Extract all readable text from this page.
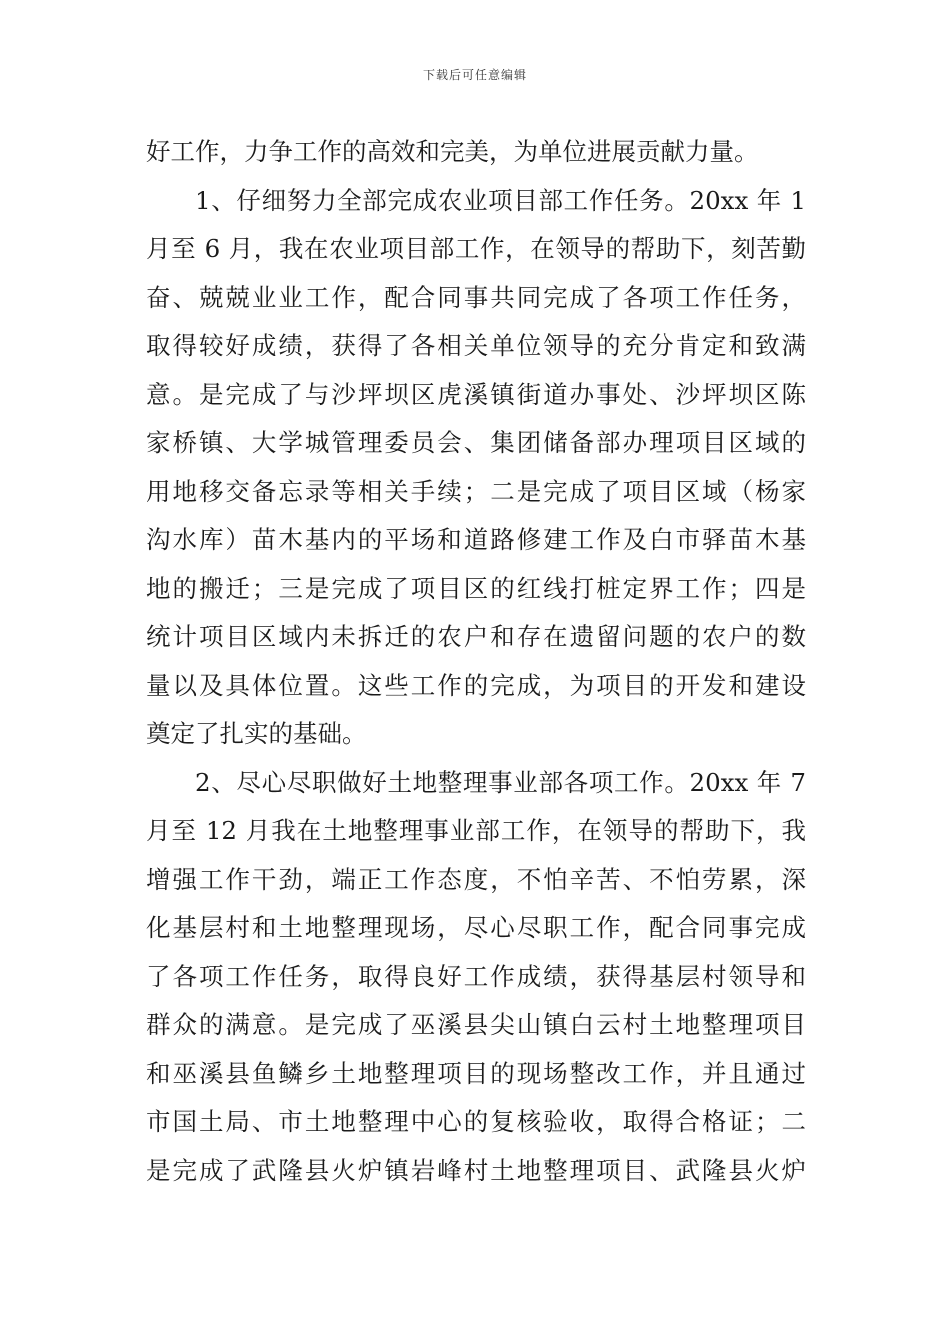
下载后可任意编辑
好工作，力争工作的高效和完美，为单位进展贡献力量。
1、仔细努力全部完成农业项目部工作任务。20xx 年 1
月至 6 月，我在农业项目部工作，在领导的帮助下，刻苦勤
奋、兢兢业业工作，配合同事共同完成了各项工作任务，
取得较好成绩，获得了各相关单位领导的充分肯定和致满
意。是完成了与沙坪坝区虎溪镇街道办事处、沙坪坝区陈
家桥镇、大学城管理委员会、集团储备部办理项目区域的
用地移交备忘录等相关手续；二是完成了项目区域（杨家
沟水库）苗木基内的平场和道路修建工作及白市驿苗木基
地的搬迁；三是完成了项目区的红线打桩定界工作；四是
统计项目区域内未拆迁的农户和存在遗留问题的农户的数
量以及具体位置。这些工作的完成，为项目的开发和建设
奠定了扎实的基础。
2、尽心尽职做好土地整理事业部各项工作。20xx 年 7
月至 12 月我在土地整理事业部工作，在领导的帮助下，我
增强工作干劲，端正工作态度，不怕辛苦、不怕劳累，深
化基层村和土地整理现场，尽心尽职工作，配合同事完成
了各项工作任务，取得良好工作成绩，获得基层村领导和
群众的满意。是完成了巫溪县尖山镇白云村土地整理项目
和巫溪县鱼鳞乡土地整理项目的现场整改工作，并且通过
市国土局、市土地整理中心的复核验收，取得合格证；二
是完成了武隆县火炉镇岩峰村土地整理项目、武隆县火炉
